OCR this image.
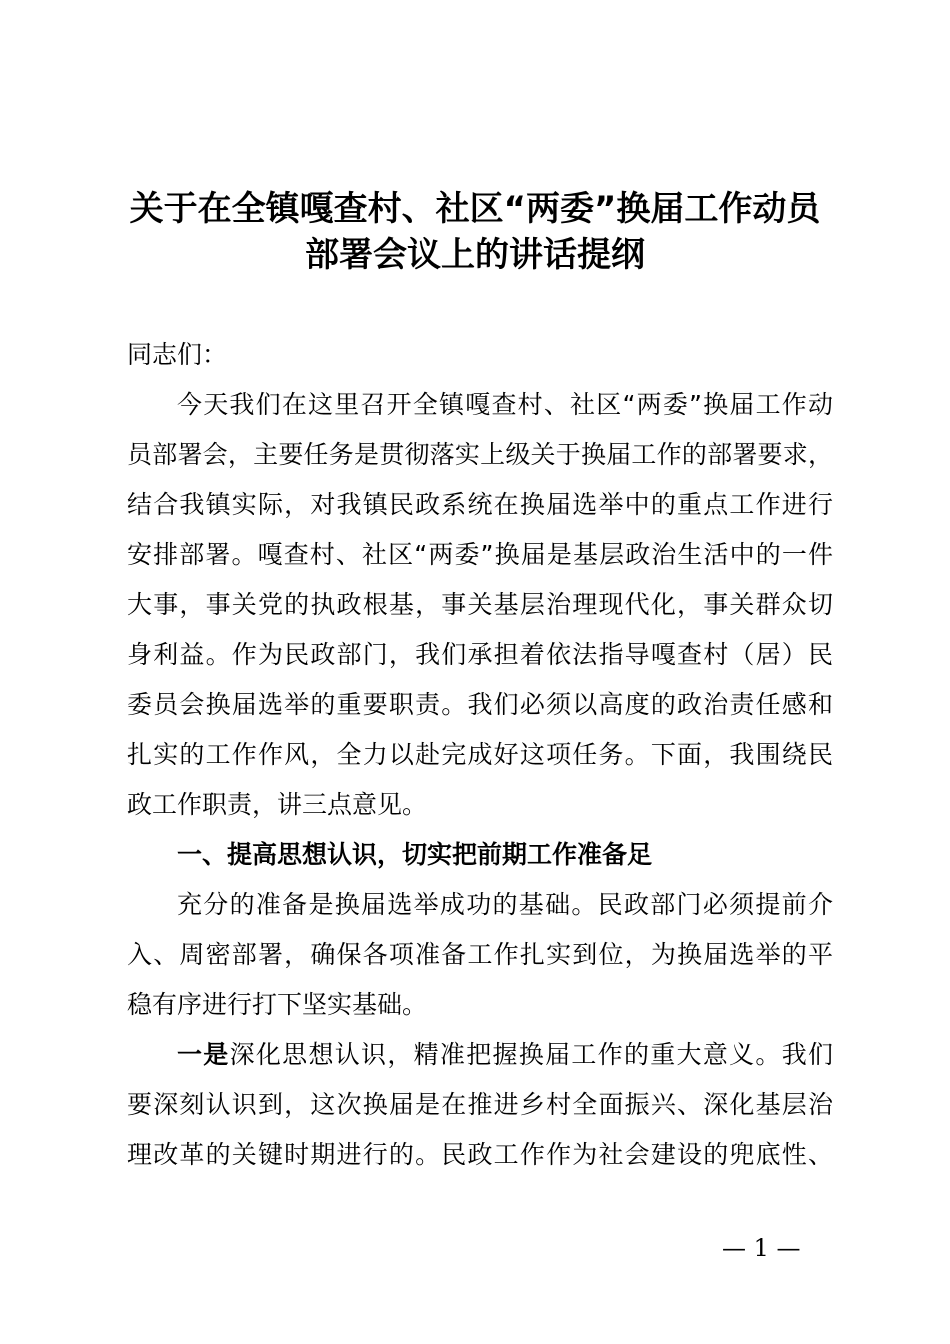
关于在全镇嘎查村、社区“两委”换届工作动员
部署会议上的讲话提纲
同志们：
今天我们在这里召开全镇嘎查村、社区“两委”换届工作动
员部署会，主要任务是贯彻落实上级关于换届工作的部署要求，
结合我镇实际，对我镇民政系统在换届选举中的重点工作进行
安排部署。嘎查村、社区“两委”换届是基层政治生活中的一件
大事，事关党的执政根基，事关基层治理现代化，事关群众切
身利益。作为民政部门，我们承担着依法指导嘎查村（居）民
委员会换届选举的重要职责。我们必须以高度的政治责任感和
扎实的工作作风，全力以赴完成好这项任务。下面，我围绕民
政工作职责，讲三点意见。
一、提高思想认识，切实把前期工作准备足
充分的准备是换届选举成功的基础。民政部门必须提前介
入、周密部署，确保各项准备工作扎实到位，为换届选举的平
稳有序进行打下坚实基础。
一是深化思想认识，精准把握换届工作的重大意义。我们
要深刻认识到，这次换届是在推进乡村全面振兴、深化基层治
理改革的关键时期进行的。民政工作作为社会建设的兜底性、
— 1 —
